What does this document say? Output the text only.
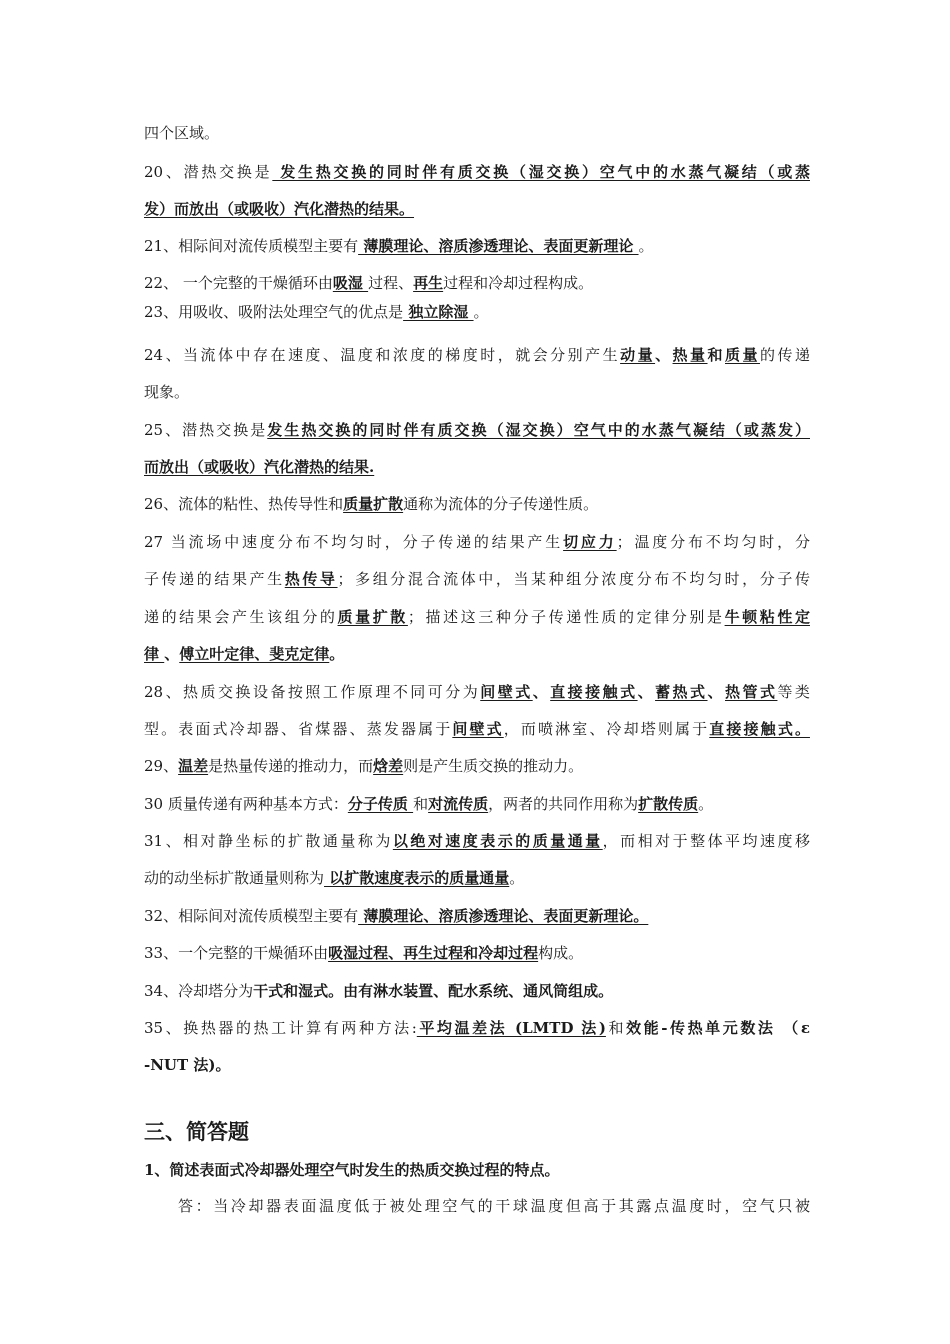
四个区域。
20、潜热交换是 发生热交换的同时伴有质交换（湿交换）空气中的水蒸气凝结（或蒸
发）而放出（或吸收）汽化潜热的结果。
21、相际间对流传质模型主要有 薄膜理论、溶质渗透理论、表面更新理论 。
22、 一个完整的干燥循环由吸湿 过程、再生过程和冷却过程构成。
23、用吸收、吸附法处理空气的优点是 独立除湿 。
24、当流体中存在速度、温度和浓度的梯度时，就会分别产生动量、热量和质量的传递
现象。
25、潜热交换是发生热交换的同时伴有质交换（湿交换）空气中的水蒸气凝结（或蒸发）
而放出（或吸收）汽化潜热的结果.
26、流体的粘性、热传导性和质量扩散通称为流体的分子传递性质。
27 当流场中速度分布不均匀时，分子传递的结果产生切应力；温度分布不均匀时，分
子传递的结果产生热传导；多组分混合流体中，当某种组分浓度分布不均匀时，分子传
递的结果会产生该组分的质量扩散；描述这三种分子传递性质的定律分别是牛顿粘性定
律 、傅立叶定律、斐克定律。
28、热质交换设备按照工作原理不同可分为间壁式、直接接触式、蓄热式、热管式等类
型。表面式冷却器、省煤器、蒸发器属于间壁式，而喷淋室、冷却塔则属于直接接触式。
29、温差是热量传递的推动力，而焓差则是产生质交换的推动力。
30 质量传递有两种基本方式：分子传质 和对流传质，两者的共同作用称为扩散传质。
31、相对静坐标的扩散通量称为以绝对速度表示的质量通量，而相对于整体平均速度移
动的动坐标扩散通量则称为 以扩散速度表示的质量通量。
32、相际间对流传质模型主要有 薄膜理论、溶质渗透理论、表面更新理论。
33、一个完整的干燥循环由吸湿过程、再生过程和冷却过程构成。
34、冷却塔分为干式和湿式。由有淋水装置、配水系统、通风筒组成。
35、换热器的热工计算有两种方法:平均温差法 (LMTD 法)和效能-传热单元数法 （ε
-NUT 法)。
三、简答题
1、简述表面式冷却器处理空气时发生的热质交换过程的特点。
答：当冷却器表面温度低于被处理空气的干球温度但高于其露点温度时，空气只被
